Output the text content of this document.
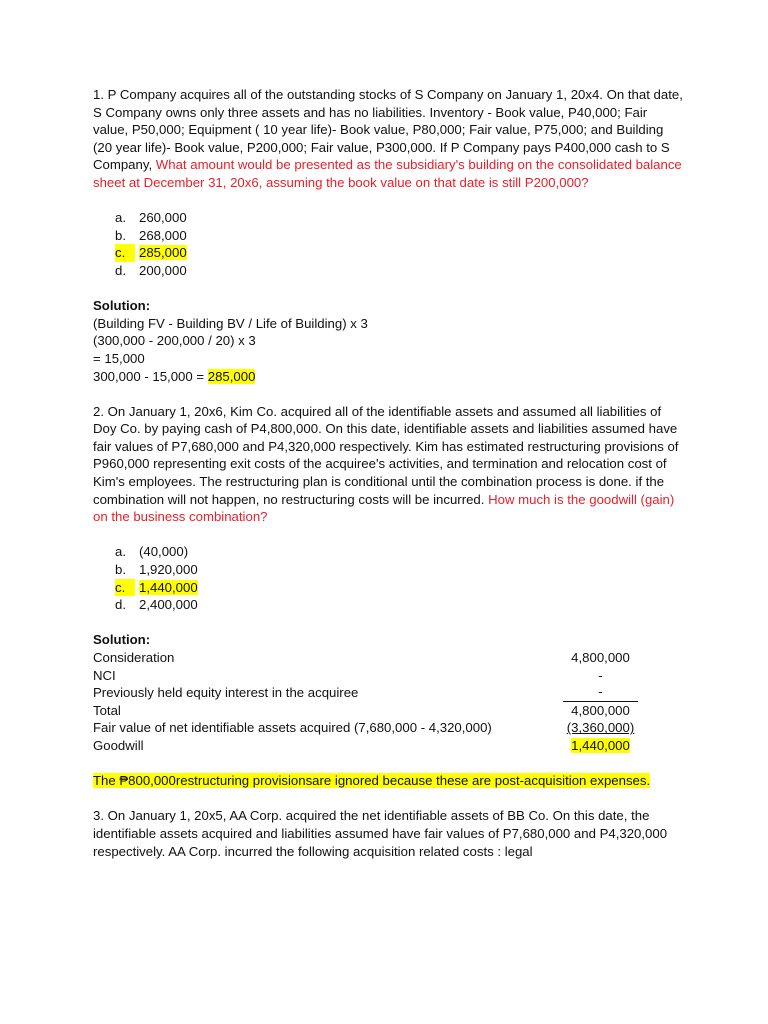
1. P Company acquires all of the outstanding stocks of S Company on January 1, 20x4. On that date, S Company owns only three assets and has no liabilities. Inventory - Book value, P40,000; Fair value, P50,000; Equipment ( 10 year life)- Book value, P80,000; Fair value, P75,000; and Building (20 year life)- Book value, P200,000; Fair value, P300,000. If P Company pays P400,000 cash to S Company, What amount would be presented as the subsidiary's building on the consolidated balance sheet at December 31, 20x6, assuming the book value on that date is still P200,000?

a. 260,000
b. 268,000
c.	285,000
d. 200,000

Solution:

(Building FV - Building BV / Life of Building) x 3

(300,000 - 200,000 / 20) x 3

= 15,000

300,000 - 15,000 = 285,000

2. On January 1, 20x6, Kim Co. acquired all of the identifiable assets and assumed all liabilities of Doy Co. by paying cash of P4,800,000. On this date, identifiable assets and liabilities assumed have fair values of P7,680,000 and P4,320,000 respectively. Kim has estimated restructuring provisions of P960,000 representing exit costs of the acquiree's activities, and termination and relocation cost of Kim's employees. The restructuring plan is conditional until the combination process is done. if the combination will not happen, no restructuring costs will be incurred. How much is the goodwill (gain) on the business combination?

a. (40,000)
b. 1,920,000
c.	1,440,000
d. 2,400,000

Solution:

Consideration	4,800,000
NCI	-
Previously held equity interest in the acquiree	-
Total	4,800,000
Fair value of net identifiable assets acquired (7,680,000 - 4,320,000)	(3,360,000)
Goodwill	1,440,000

The ₱800,000restructuring provisionsare ignored because these are post-acquisition expenses.

3. On January 1, 20x5, AA Corp. acquired the net identifiable assets of BB Co. On this date, the identifiable assets acquired and liabilities assumed have fair values of P7,680,000 and P4,320,000 respectively. AA Corp. incurred the following acquisition related costs : legal
